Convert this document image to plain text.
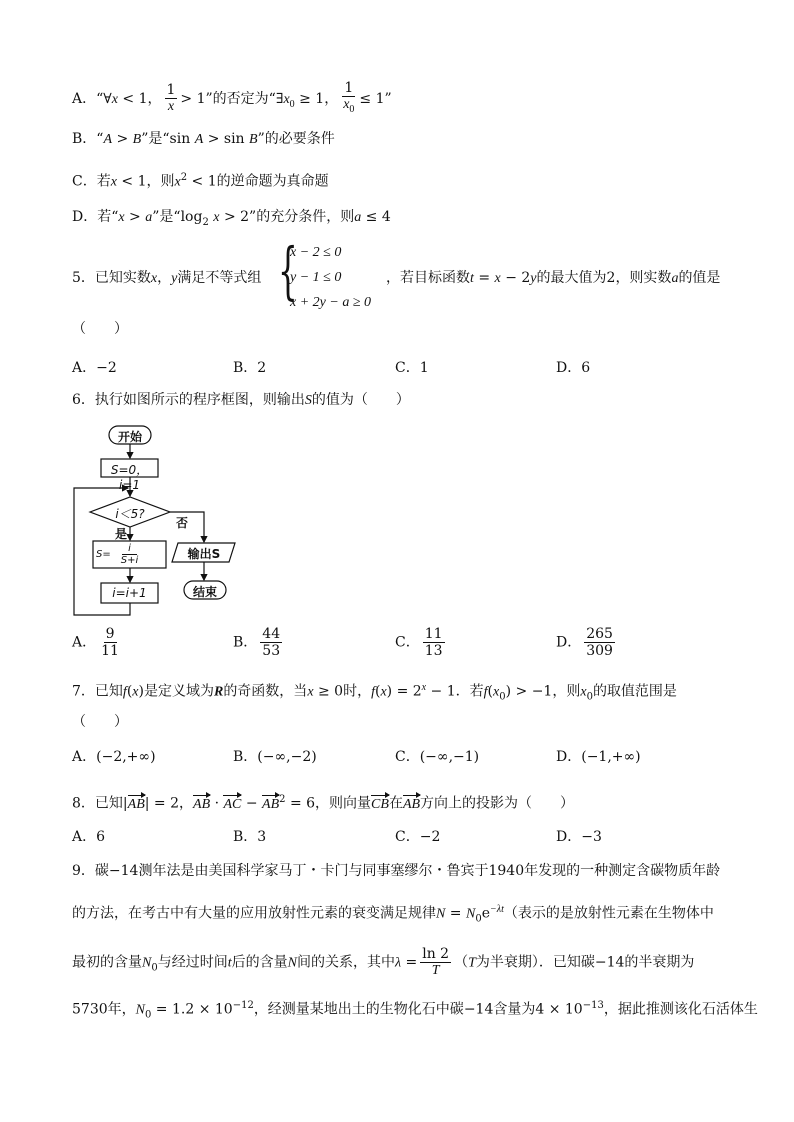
A．“∀x < 1， $\frac{1}{x} > 1$”的否定为“$\exists x_0 \ge 1$， $\frac{1}{x_0} \le 1$”
B．“A > B”是“sin A > sin B”的必要条件
C．若x < 1，则$x^2 < 1$的逆命题为真命题
D．若“x > a”是“$\log_2$ x > 2”的充分条件，则a ≤ 4
5．已知实数x，y满足不等式组 {
x − 2 ≤ 0
y − 1 ≤ 0
x + 2y − a ≥ 0
，若目标函数t = x − 2y的最大值为2，则实数a的值是
（　　）
A．−2	B．2	C．1	D．6
6．执行如图所示的程序框图，则输出S的值为（　　）
开始
S=0，i=1
i＜5?
是
否
$S= \frac{i}{S+i}$	输出S
i=i+1	结束
A． $\frac{9}{11}$	B． $\frac{44}{53}$	C． $\frac{11}{13}$	D． $\frac{265}{309}$
7．已知f(x)是定义域为R的奇函数，当x ≥ 0时，$f(x) = 2^x - 1$．若$f(x_0) > -1$，则$x_0$的取值范围是
（　　）
A．(−2,+∞)	B．(−∞,−2)	C．(−∞,−1)	D．(−1,+∞)
8．已知|AB| = 2，AB · AC − $AB^2 = 6$，则向量CB在AB方向上的投影为（　　）
A．6	B．3	C．−2	D．−3
9．碳−14测年法是由美国科学家马丁・卡门与同事塞缪尔・鲁宾于1940年发现的一种测定含碳物质年龄
的方法，在考古中有大量的应用放射性元素的衰变满足规律$N = N_0e^{-\lambda t}$（表示的是放射性元素在生物体中
最初的含量$N_0$与经过时间t后的含量N间的关系，其中$\lambda = \frac{\ln 2}{T} (T$为半衰期）．已知碳−14的半衰期为
5730年，$N_0 = 1.2 \times 10^{-12}$，经测量某地出土的生物化石中碳−14含量为$4 \times 10^{-13}$，据此推测该化石活体生
